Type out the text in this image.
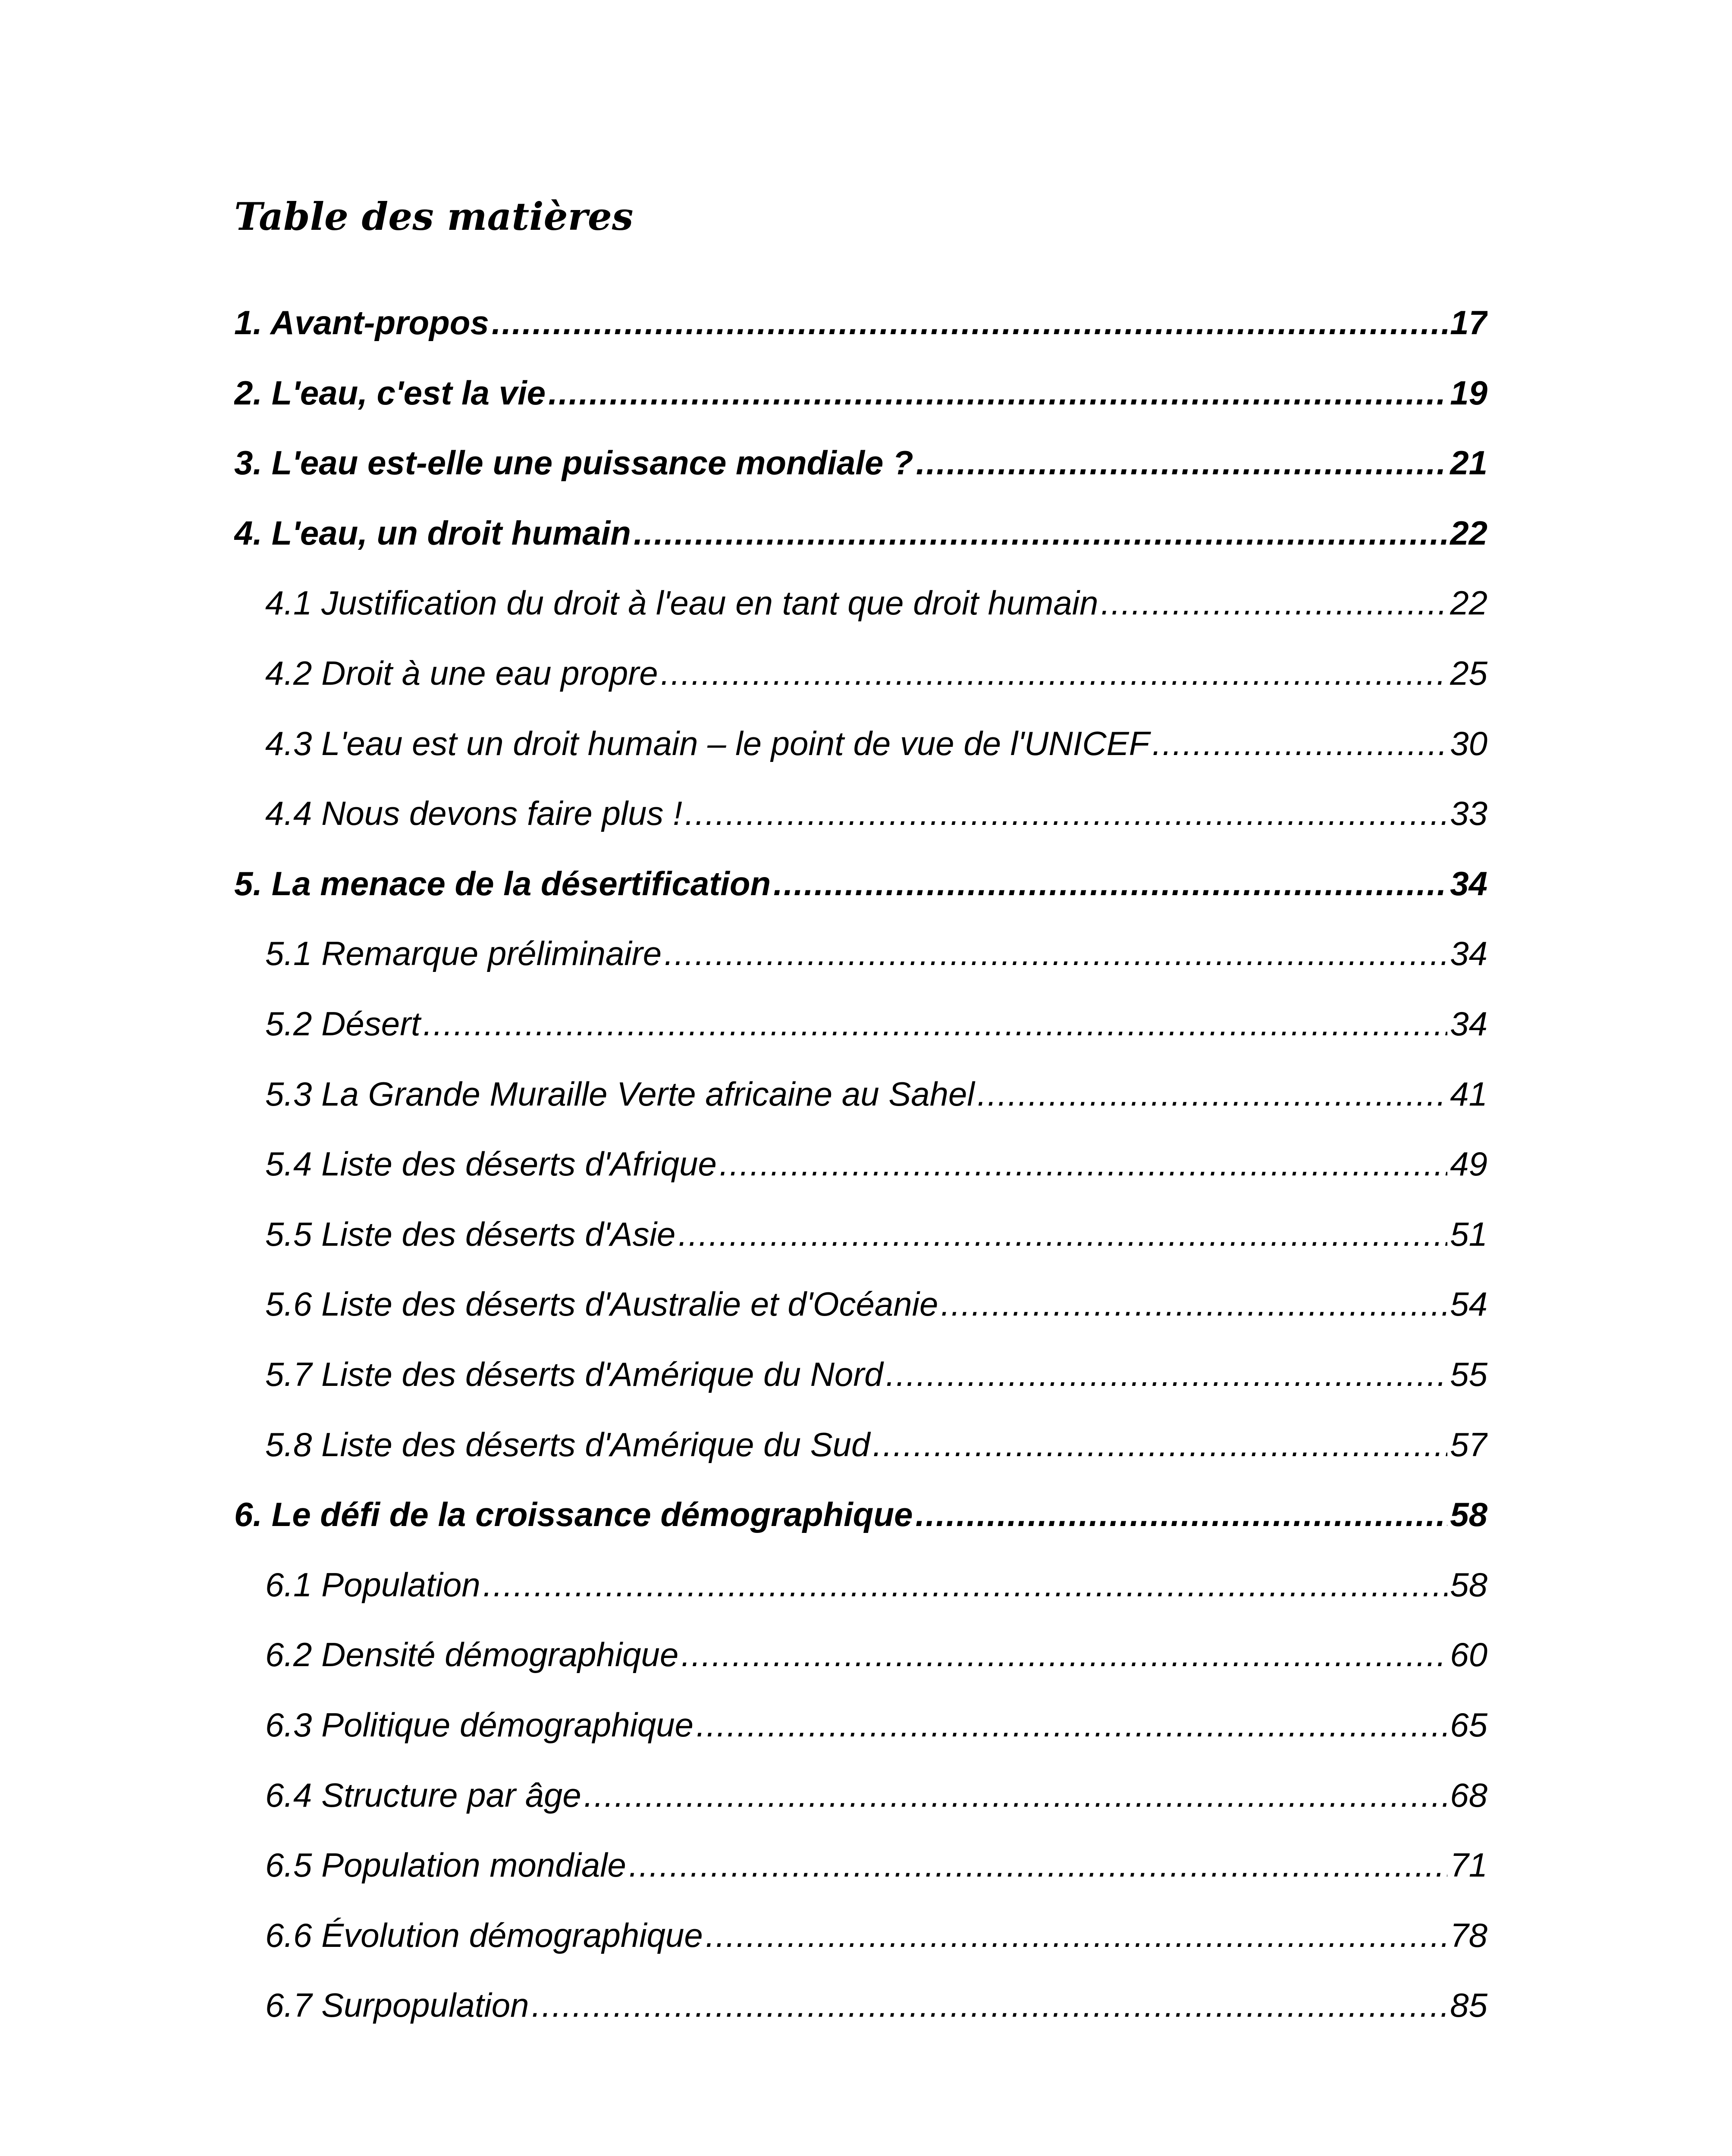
Table des matières
1. Avant-propos .....	17
2. L'eau, c'est la vie .....	19
3. L'eau est-elle une puissance mondiale ? .....	21
4. L'eau, un droit humain .....	22
4.1 Justification du droit à l'eau en tant que droit humain .....	22
4.2 Droit à une eau propre .....	25
4.3 L'eau est un droit humain – le point de vue de l'UNICEF .....	30
4.4 Nous devons faire plus ! .....	33
5. La menace de la désertification .....	34
5.1 Remarque préliminaire .....	34
5.2 Désert .....	34
5.3 La Grande Muraille Verte africaine au Sahel .....	41
5.4 Liste des déserts d'Afrique .....	49
5.5 Liste des déserts d'Asie .....	51
5.6 Liste des déserts d'Australie et d'Océanie .....	54
5.7 Liste des déserts d'Amérique du Nord .....	55
5.8 Liste des déserts d'Amérique du Sud .....	57
6. Le défi de la croissance démographique .....	58
6.1 Population .....	58
6.2 Densité démographique .....	60
6.3 Politique démographique .....	65
6.4 Structure par âge .....	68
6.5 Population mondiale .....	71
6.6 Évolution démographique .....	78
6.7 Surpopulation .....	85
